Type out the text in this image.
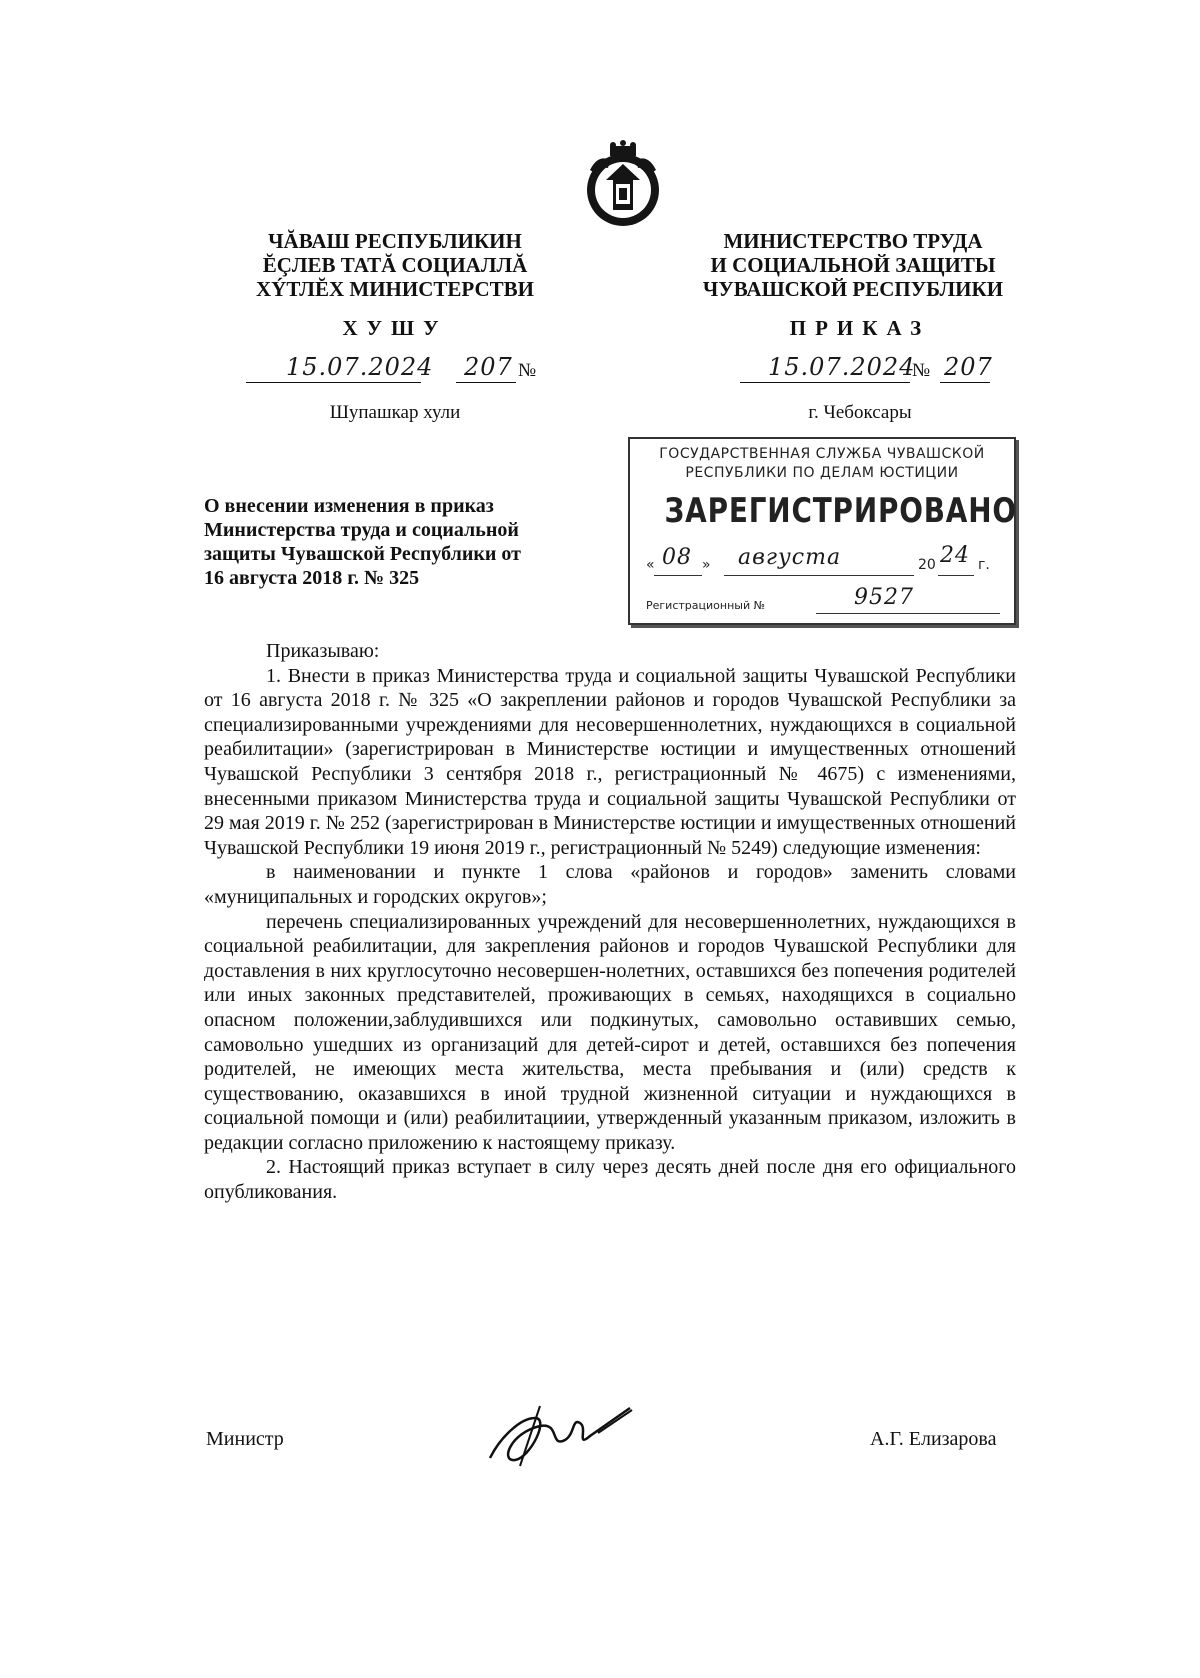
ЧĂВАШ РЕСПУБЛИКИН
ĔÇЛЕВ ТАТĂ СОЦИАЛЛĂ
ХÝТЛĔХ МИНИСТЕРСТВИ
ХУШУ
15.07.2024 207 №
Шупашкар хули
МИНИСТЕРСТВО ТРУДА
И СОЦИАЛЬНОЙ ЗАЩИТЫ
ЧУВАШСКОЙ РЕСПУБЛИКИ
ПРИКАЗ
15.07.2024
№ 207
г. Чебоксары
ГОСУДАРСТВЕННАЯ СЛУЖБА ЧУВАШСКОЙ
РЕСПУБЛИКИ ПО ДЕЛАМ ЮСТИЦИИ
ЗАРЕГИСТРИРОВАНО
« 08 » августа	20 24 г.
Регистрационный №	9527
О внесении изменения в приказ
Министерства труда и социальной
защиты Чувашской Республики от
16 августа 2018 г. № 325

Приказываю:

1. Внести в приказ Министерства труда и социальной защиты Чувашской Республики от 16 августа 2018 г. № 325 «О закреплении районов и городов Чувашской Республики за специализированными учреждениями для несовершеннолетних, нуждающихся в социальной реабилитации» (зарегистрирован в Министерстве юстиции и имущественных отношений Чувашской Республики 3 сентября 2018 г., регистрационный № 4675) с изменениями, внесенными приказом Министерства труда и социальной защиты Чувашской Республики от 29 мая 2019 г. № 252 (зарегистрирован в Министерстве юстиции и имущественных отношений Чувашской Республики 19 июня 2019 г., регистрационный № 5249) следующие изменения:

в наименовании и пункте 1 слова «районов и городов» заменить словами «муниципальных и городских округов»;

перечень специализированных учреждений для несовершеннолетних, нуждающихся в социальной реабилитации, для закрепления районов и городов Чувашской Республики для доставления в них круглосуточно несовершен-нолетних, оставшихся без попечения родителей или иных законных представителей, проживающих в семьях, находящихся в социально опасном положении,заблудившихся или подкинутых, самовольно оставивших семью, самовольно ушедших из организаций для детей-сирот и детей, оставшихся без попечения родителей, не имеющих места жительства, места пребывания и (или) средств к существованию, оказавшихся в иной трудной жизненной ситуации и нуждающихся в социальной помощи и (или) реабилитациии, утвержденный указанным приказом, изложить в редакции согласно приложению к настоящему приказу.

2. Настоящий приказ вступает в силу через десять дней после дня его официального опубликования.

Министр	А.Г. Елизарова
